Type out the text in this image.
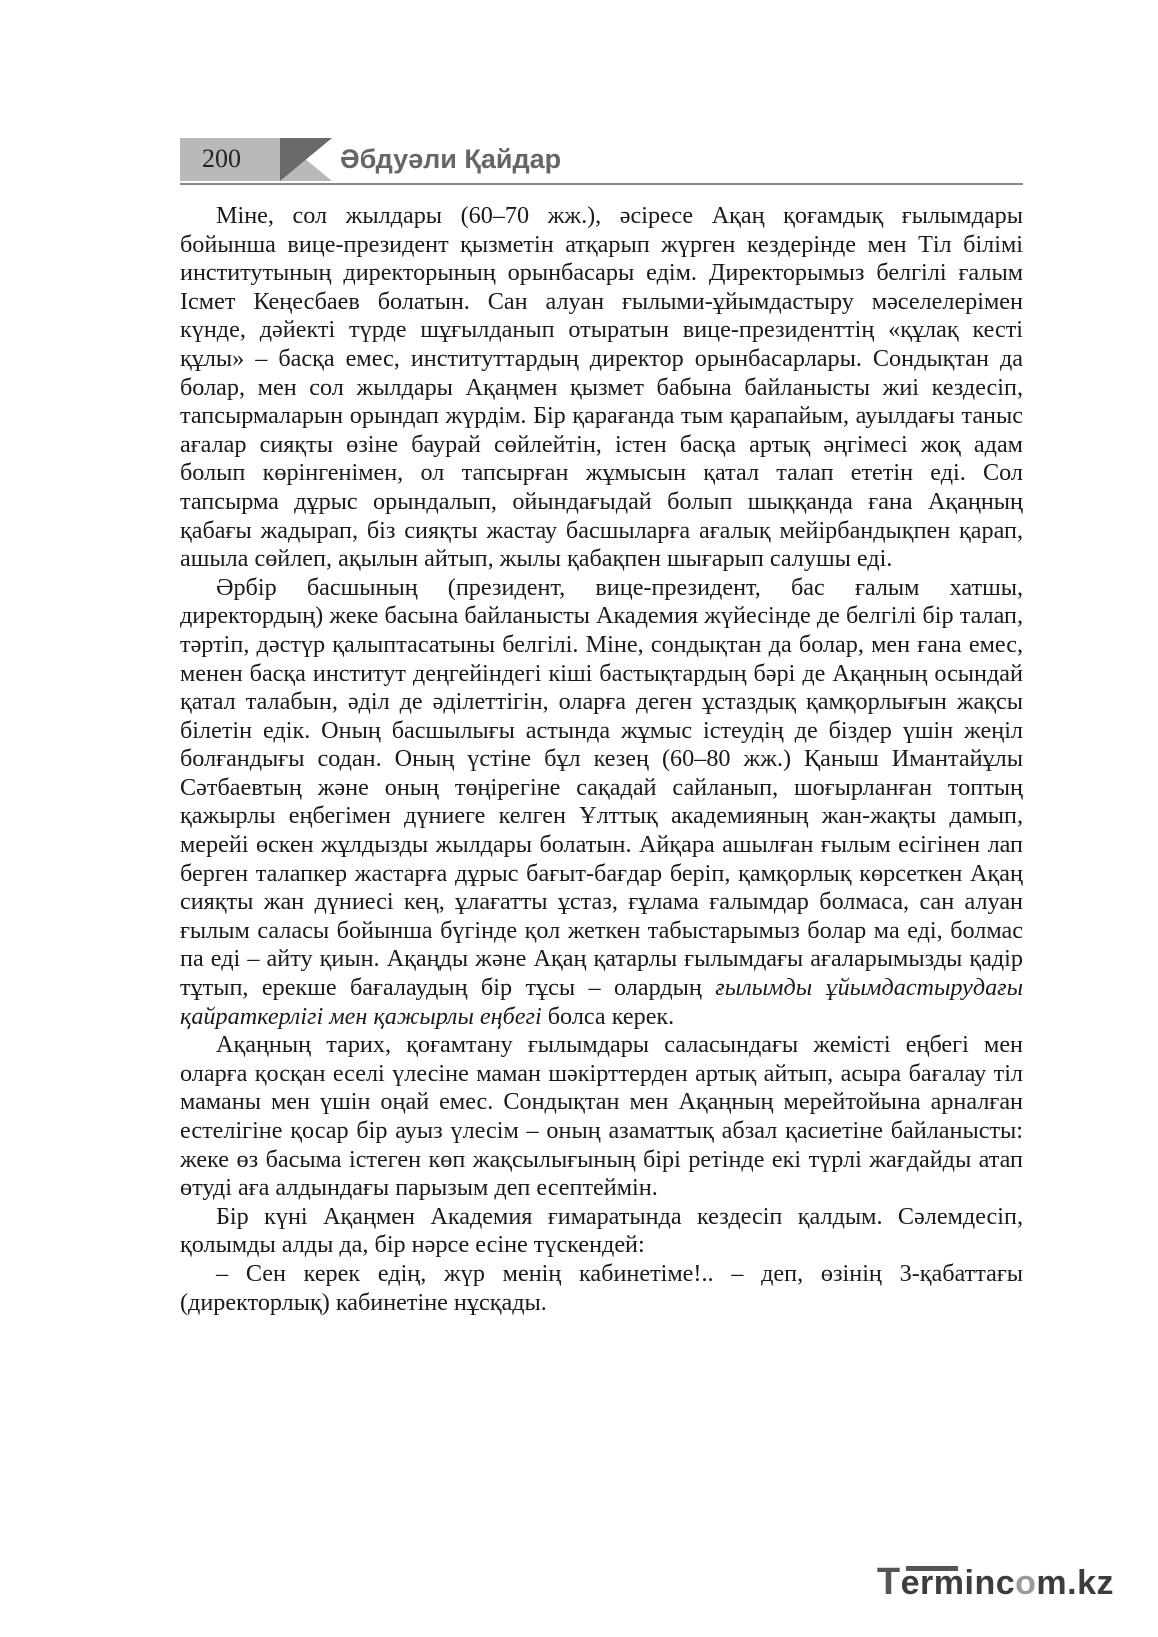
200	Әбдуәли Қайдар

Міне, сол жылдары (60–70 жж.), әсіресе Ақаң қоғамдық ғылымдары бойынша вице-президент қызметін атқарып жүрген кездерінде мен Тіл білімі институтының директорының орынбасары едім. Директорымыз белгілі ғалым Ісмет Кеңесбаев болатын. Сан алуан ғылыми-ұйымдастыру мәселелерімен күнде, дәйекті түрде шұғылданып отыратын вице-президенттің «құлақ кесті құлы» – басқа емес, институттардың директор орынбасарлары. Сондықтан да болар, мен сол жылдары Ақаңмен қызмет бабына байланысты жиі кездесіп, тапсырмаларын орындап жүрдім. Бір қарағанда тым қарапайым, ауылдағы таныс ағалар сияқты өзіне баурай сөйлейтін, істен басқа артық әңгімесі жоқ адам болып көрінгенімен, ол тапсырған жұмысын қатал талап ететін еді. Сол тапсырма дұрыс орындалып, ойындағыдай болып шыққанда ғана Ақаңның қабағы жадырап, біз сияқты жастау басшыларға ағалық мейірбандықпен қарап, ашыла сөйлеп, ақылын айтып, жылы қабақпен шығарып салушы еді.

Әрбір басшының (президент, вице-президент, бас ғалым хатшы, директордың) жеке басына байланысты Академия жүйесінде де белгілі бір талап, тәртіп, дәстүр қалыптасатыны белгілі. Міне, сондықтан да болар, мен ғана емес, менен басқа институт деңгейіндегі кіші бастықтардың бәрі де Ақаңның осындай қатал талабын, әділ де әділеттігін, оларға деген ұстаздық қамқорлығын жақсы білетін едік. Оның басшылығы астында жұмыс істеудің де біздер үшін жеңіл болғандығы содан. Оның үстіне бұл кезең (60–80 жж.) Қаныш Имантайұлы Сәтбаевтың және оның төңірегіне сақадай сайланып, шоғырланған топтың қажырлы еңбегімен дүниеге келген Ұлттық академияның жан-жақты дамып, мерейі өскен жұлдызды жылдары болатын. Айқара ашылған ғылым есігінен лап берген талапкер жастарға дұрыс бағыт-бағдар беріп, қамқорлық көрсеткен Ақаң сияқты жан дүниесі кең, ұлағатты ұстаз, ғұлама ғалымдар болмаса, сан алуан ғылым саласы бойынша бүгінде қол жеткен табыстарымыз болар ма еді, болмас па еді – айту қиын. Ақаңды және Ақаң қатарлы ғылымдағы ағаларымызды қадір тұтып, ерекше бағалаудың бір тұсы – олардың ғылымды ұйымдастырудағы қайраткерлігі мен қажырлы еңбегі болса керек.

Ақаңның тарих, қоғамтану ғылымдары саласындағы жемісті еңбегі мен оларға қосқан еселі үлесіне маман шәкірттерден артық айтып, асыра бағалау тіл маманы мен үшін оңай емес. Сондықтан мен Ақаңның мерейтойына арналған естелігіне қосар бір ауыз үлесім – оның азаматтық абзал қасиетіне байланысты: жеке өз басыма істеген көп жақсылығының бірі ретінде екі түрлі жағдайды атап өтуді аға алдындағы парызым деп есептеймін.

Бір күні Ақаңмен Академия ғимаратында кездесіп қалдым. Сәлемдесіп, қолымды алды да, бір нәрсе есіне түскендей:

– Сен керек едің, жүр менің кабинетіме!.. – деп, өзінің 3-қабаттағы (директорлық) кабинетіне нұсқады.

Termincom.kz
